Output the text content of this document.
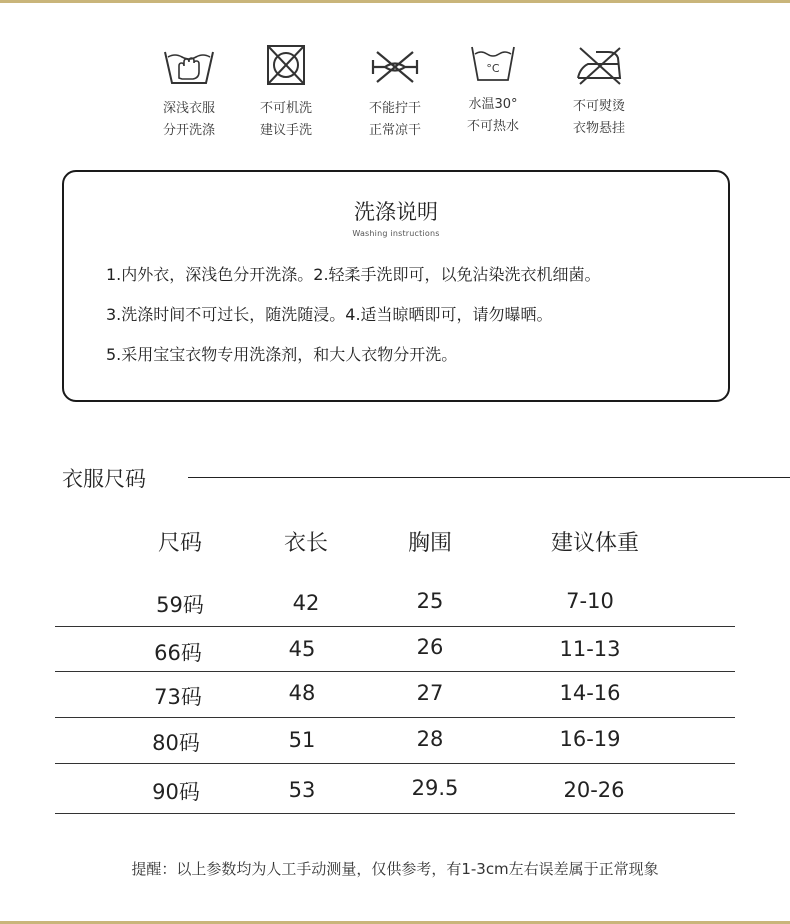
深浅衣服
分开洗涤
不可机洗
建议手洗
不能拧干
正常凉干
°C
水温30°
不可热水
不可熨烫
衣物悬挂
洗涤说明
Washing instructions
1.内外衣，深浅色分开洗涤。2.轻柔手洗即可，以免沾染洗衣机细菌。
3.洗涤时间不可过长，随洗随浸。4.适当晾晒即可，请勿曝晒。
5.采用宝宝衣物专用洗涤剂，和大人衣物分开洗。
衣服尺码
尺码	衣长	胸围	建议体重
59码	42	25	7-10
66码	45	26	11-13
73码	48	27	14-16
80码	51	28	16-19
90码	53	29.5	20-26
提醒：以上参数均为人工手动测量，仅供参考，有1-3cm左右误差属于正常现象
